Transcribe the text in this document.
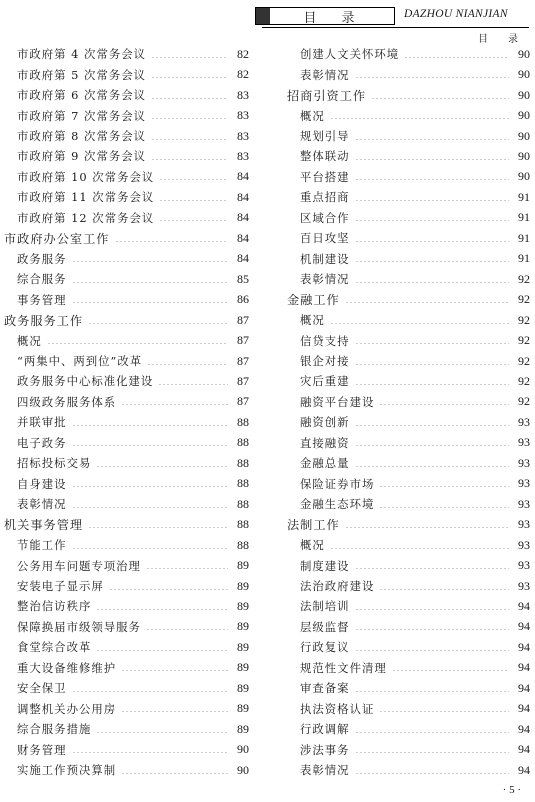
目　录	DAZHOU NIANJIAN
目　录
市政府第 4 次常务会议	82
市政府第 5 次常务会议	82
市政府第 6 次常务会议	83
市政府第 7 次常务会议	83
市政府第 8 次常务会议	83
市政府第 9 次常务会议	83
市政府第 10 次常务会议	84
市政府第 11 次常务会议	84
市政府第 12 次常务会议	84
市政府办公室工作	84
政务服务	84
综合服务	85
事务管理	86
政务服务工作	87
概况	87
“两集中、两到位”改革	87
政务服务中心标准化建设	87
四级政务服务体系	87
并联审批	88
电子政务	88
招标投标交易	88
自身建设	88
表彰情况	88
机关事务管理	88
节能工作	88
公务用车问题专项治理	89
安装电子显示屏	89
整治信访秩序	89
保障换届市级领导服务	89
食堂综合改革	89
重大设备维修维护	89
安全保卫	89
调整机关办公用房	89
综合服务措施	89
财务管理	90
实施工作预决算制	90
创建人文关怀环境	90
表彰情况	90
招商引资工作	90
概况	90
规划引导	90
整体联动	90
平台搭建	90
重点招商	91
区域合作	91
百日攻坚	91
机制建设	91
表彰情况	92
金融工作	92
概况	92
信贷支持	92
银企对接	92
灾后重建	92
融资平台建设	92
融资创新	93
直接融资	93
金融总量	93
保险证券市场	93
金融生态环境	93
法制工作	93
概况	93
制度建设	93
法治政府建设	93
法制培训	94
层级监督	94
行政复议	94
规范性文件清理	94
审查备案	94
执法资格认证	94
行政调解	94
涉法事务	94
表彰情况	94
· 5 ·
